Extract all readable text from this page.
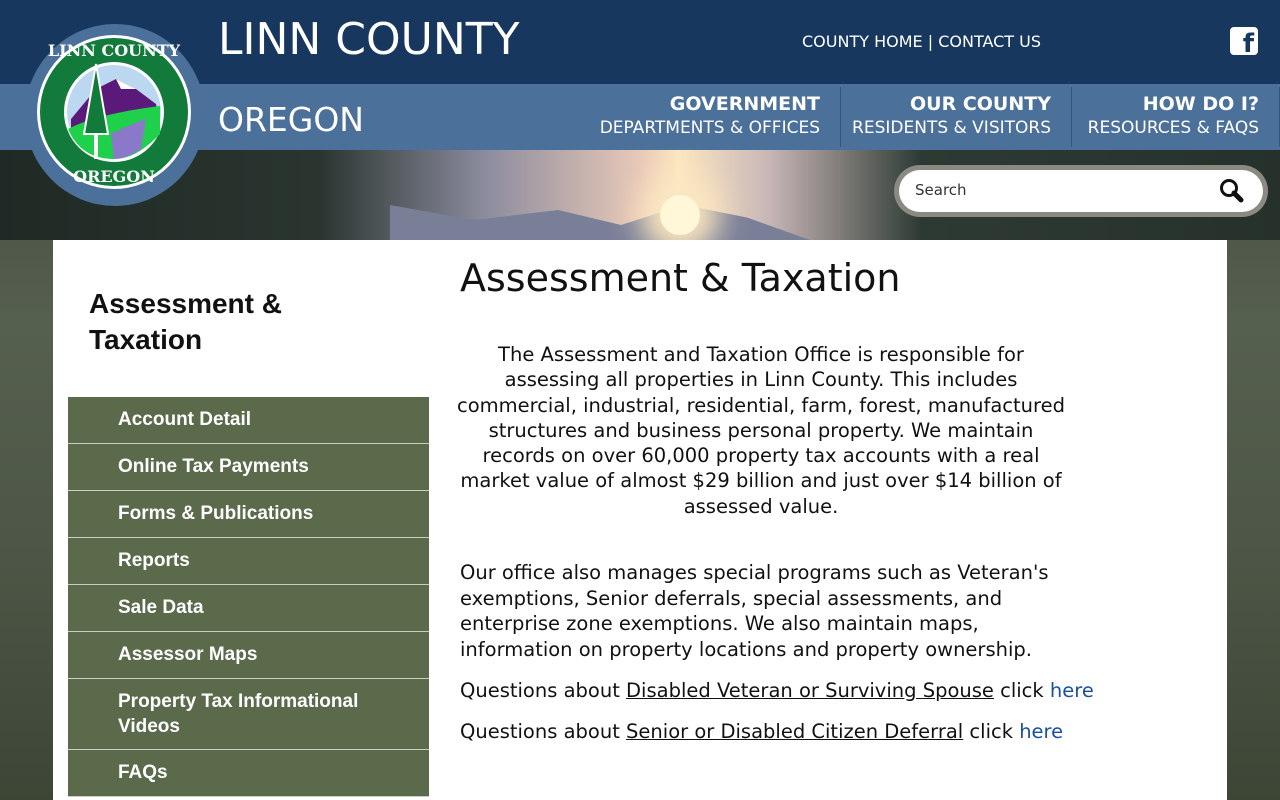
LINN COUNTY
OREGON
LINN COUNTY
OREGON
COUNTY HOME | CONTACT US	f
GOVERNMENT
DEPARTMENTS & OFFICES
OUR COUNTY
RESIDENTS & VISITORS
HOW DO I?
RESOURCES & FAQS
Search
Assessment & Taxation
Account Detail
Online Tax Payments
Forms & Publications
Reports
Sale Data
Assessor Maps
Property Tax Informational Videos
FAQs
Assessment & Taxation
The Assessment and Taxation Office is responsible for assessing all properties in Linn County. This includes commercial, industrial, residential, farm, forest, manufactured structures and business personal property. We maintain records on over 60,000 property tax accounts with a real market value of almost $29 billion and just over $14 billion of assessed value.
Our office also manages special programs such as Veteran's exemptions, Senior deferrals, special assessments, and enterprise zone exemptions. We also maintain maps, information on property locations and property ownership.
Questions about Disabled Veteran or Surviving Spouse click here
Questions about Senior or Disabled Citizen Deferral click here
